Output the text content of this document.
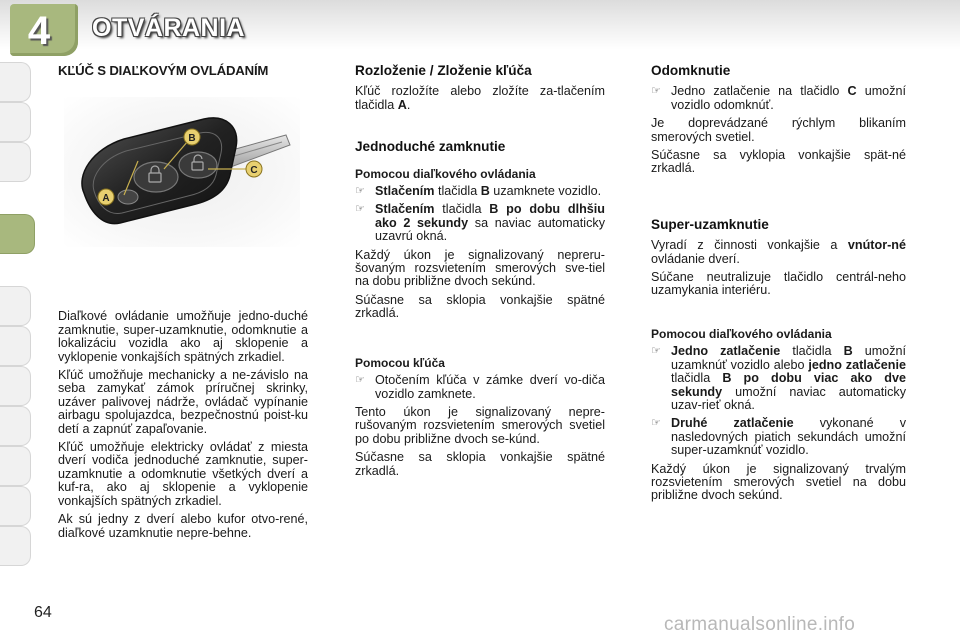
4	OTVÁRANIA
KĽÚČ S DIAĽKOVÝM OVLÁDANÍM
A
B
C

Diaľkové ovládanie umožňuje jedno-duché zamknutie, super-uzamknutie, odomknutie a lokalizáciu vozidla ako aj sklopenie a vyklopenie vonkajších spätných zrkadiel.

Kľúč umožňuje mechanicky a ne-závislo na seba zamykať zámok príručnej skrinky, uzáver palivovej nádrže, ovládač vypínanie airbagu spolujazdca, bezpečnostnú poist-ku detí a zapnúť zapaľovanie.

Kľúč umožňuje elektricky ovládať z miesta dverí vodiča jednoduché zamknutie, super-uzamknutie a odomknutie všetkých dverí a kuf-ra, ako aj sklopenie a vyklopenie vonkajších spätných zrkadiel.

Ak sú jedny z dverí alebo kufor otvo-rené, diaľkové uzamknutie nepre-behne.

Rozloženie / Zloženie kľúča

Kľúč rozložíte alebo zložíte za-tlačením tlačidla A.

Jednoduché zamknutie
Pomocou diaľkového ovládania
☞ Stlačením tlačidla B uzamknete vozidlo.
☞ Stlačením tlačidla B po dobu dlhšiu ako 2 sekundy sa naviac automaticky uzavrú okná.

Každý úkon je signalizovaný nepreru-šovaným rozsvietením smerových sve-tiel na dobu približne dvoch sekúnd.

Súčasne sa sklopia vonkajšie spätné zrkadlá.

Pomocou kľúča
☞ Otočením kľúča v zámke dverí vo-diča vozidlo zamknete.

Tento úkon je signalizovaný nepre-rušovaným rozsvietením smerových svetiel po dobu približne dvoch se-kúnd.

Súčasne sa sklopia vonkajšie spätné zrkadlá.

Odomknutie
☞ Jedno zatlačenie na tlačidlo C umožní vozidlo odomknúť.

Je doprevádzané rýchlym blikaním smerových svetiel.

Súčasne sa vyklopia vonkajšie spät-né zrkadlá.

Super-uzamknutie

Vyradí z činnosti vonkajšie a vnútor-né ovládanie dverí.

Súčane neutralizuje tlačidlo centrál-neho uzamykania interiéru.

Pomocou diaľkového ovládania
☞ Jedno zatlačenie tlačidla B umožní uzamknúť vozidlo alebo jedno zatlačenie tlačidla B po dobu viac ako dve sekundy umožní naviac automaticky uzav-rieť okná.
☞ Druhé zatlačenie vykonané v nasledovných piatich sekundách umožní super-uzamknúť vozidlo.

Každý úkon je signalizovaný trvalým rozsvietením smerových svetiel na dobu približne dvoch sekúnd.

64
carmanualsonline.info
